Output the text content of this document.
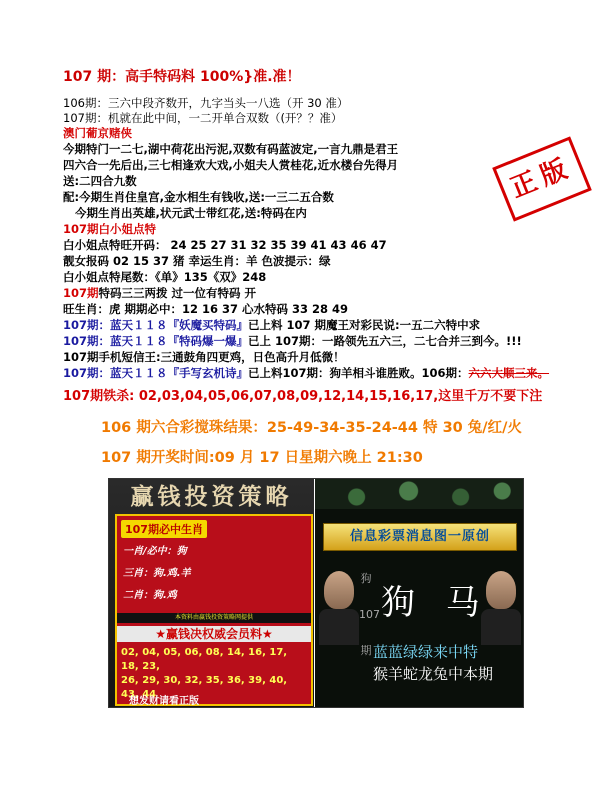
107 期：高手特码料 100%}准.准！
106期：三六中段齐数开，九字当头一八选（开 30 准）
107期：机就在此中间，一二开单合双数（(开？？准）
澳门葡京赌侠
今期特门一二七,湖中荷花出污泥,双数有码蓝波定,一言九鼎是君王
四六合一先后出,三七相逢欢大戏,小姐夫人赏桂花,近水楼台先得月
送:二四合九数
配:今期生肖住皇宫,金水相生有钱收,送:一三二五合数
今期生肖出英雄,状元武士带红花,送:特码在内
107期白小姐点特
白小姐点特旺开码： 24 25 27 31 32 35 39 41 43 46 47
靓女报码 02 15 37 猪 幸运生肖：羊 色波提示：绿
白小姐点特尾数：《单》135《双》248
107期特码三三两拨 过一位有特码 开
旺生肖：虎 期期必中：12 16 37 心水特码 33 28 49
107期：蓝天１１８『妖魔买特码』已上料 107 期魔王对彩民说:一五二六特中求
107期：蓝天１１８『特码爆一爆』已上 107期：一路领先五六三，二七合并三到今。!!!
107期手机短信王:三通鼓角四更鸡，日色高升月低微！
107期：蓝天１１８『手写玄机诗』已上料107期：狗羊相斗谁胜败。106期：六六大顺三来。
107期铁杀: 02,03,04,05,06,07,08,09,12,14,15,16,17,这里千万不要下注
106 期六合彩搅珠结果：25-49-34-35-24-44 特 30 兔/红/火
107 期开奖时间:09 月 17 日星期六晚上 21:30
正版
赢钱投资策略
107期必中生肖
一肖/必中：狗
三肖：狗.鸡.羊
二肖：狗.鸡
本资料由赢钱投资策略网提供
★赢钱决权威会员料★
02, 04, 05, 06, 08, 14, 16, 17, 18, 23,
26, 29, 30, 32, 35, 36, 39, 40, 43, 44
想发财请看正版
信息彩票消息图一原创
狗
107
期
狗 马
蓝蓝绿绿来中特
猴羊蛇龙兔中本期
